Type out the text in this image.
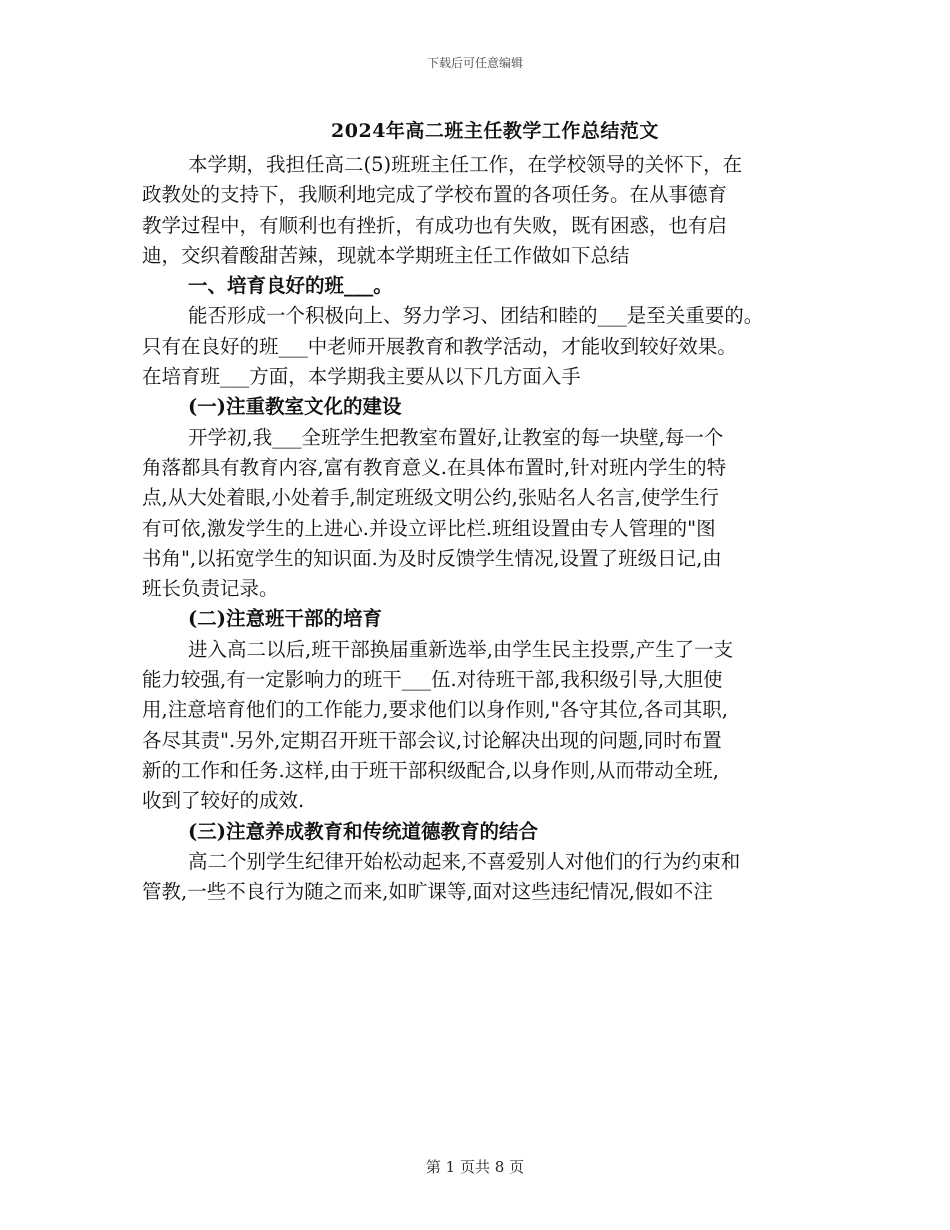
下载后可任意编辑
2024年高二班主任教学工作总结范文
本学期，我担任高二(5)班班主任工作，在学校领导的关怀下，在
政教处的支持下，我顺利地完成了学校布置的各项任务。在从事德育
教学过程中，有顺利也有挫折，有成功也有失败，既有困惑，也有启
迪，交织着酸甜苦辣，现就本学期班主任工作做如下总结
一、培育良好的班___。
能否形成一个积极向上、努力学习、团结和睦的___是至关重要的。
只有在良好的班___中老师开展教育和教学活动，才能收到较好效果。
在培育班___方面，本学期我主要从以下几方面入手
(一)注重教室文化的建设
开学初,我___全班学生把教室布置好,让教室的每一块壁,每一个
角落都具有教育内容,富有教育意义.在具体布置时,针对班内学生的特
点,从大处着眼,小处着手,制定班级文明公约,张贴名人名言,使学生行
有可依,激发学生的上进心.并设立评比栏.班组设置由专人管理的"图
书角",以拓宽学生的知识面.为及时反馈学生情况,设置了班级日记,由
班长负责记录。
(二)注意班干部的培育
进入高二以后,班干部换届重新选举,由学生民主投票,产生了一支
能力较强,有一定影响力的班干___伍.对待班干部,我积级引导,大胆使
用,注意培育他们的工作能力,要求他们以身作则,"各守其位,各司其职,
各尽其责".另外,定期召开班干部会议,讨论解决出现的问题,同时布置
新的工作和任务.这样,由于班干部积级配合,以身作则,从而带动全班,
收到了较好的成效.
(三)注意养成教育和传统道德教育的结合
高二个别学生纪律开始松动起来,不喜爱别人对他们的行为约束和
管教,一些不良行为随之而来,如旷课等,面对这些违纪情况,假如不注
第 1 页共 8 页
